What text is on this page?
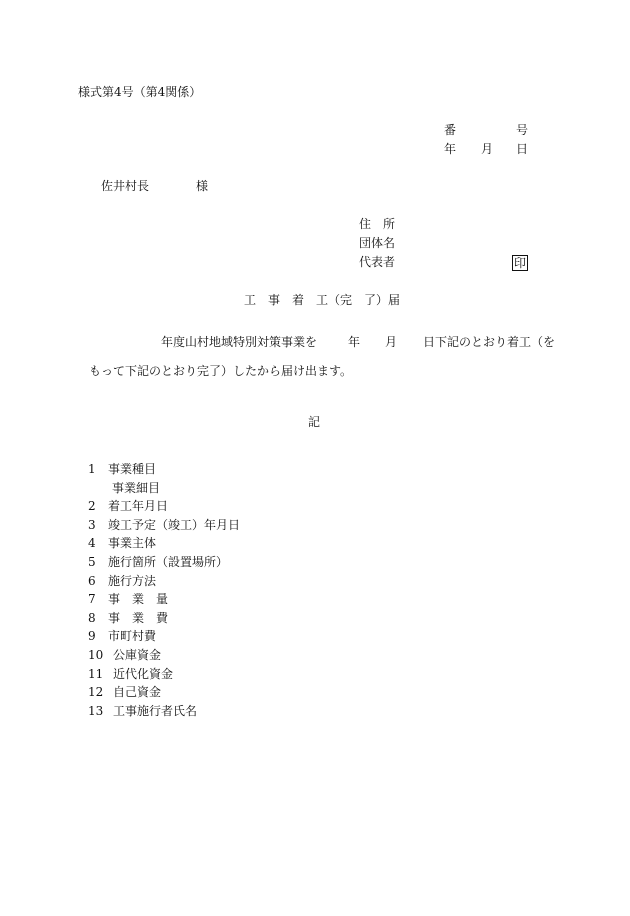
様式第4号（第4関係）
番	号
年 月 日
佐井村長	様
住　所
団体名
代表者	印
工　事　着　工（完　了）届
年度山村地域特別対策事業を	年 月 日下記のとおり着工（を
もって下記のとおり完了）したから届け出ます。
記
1 事業種目
事業細目
2 着工年月日
3 竣工予定（竣工）年月日
4 事業主体
5 施行箇所（設置場所）
6 施行方法
7 事　業　量
8 事　業　費
9 市町村費
10 公庫資金
11 近代化資金
12 自己資金
13 工事施行者氏名
